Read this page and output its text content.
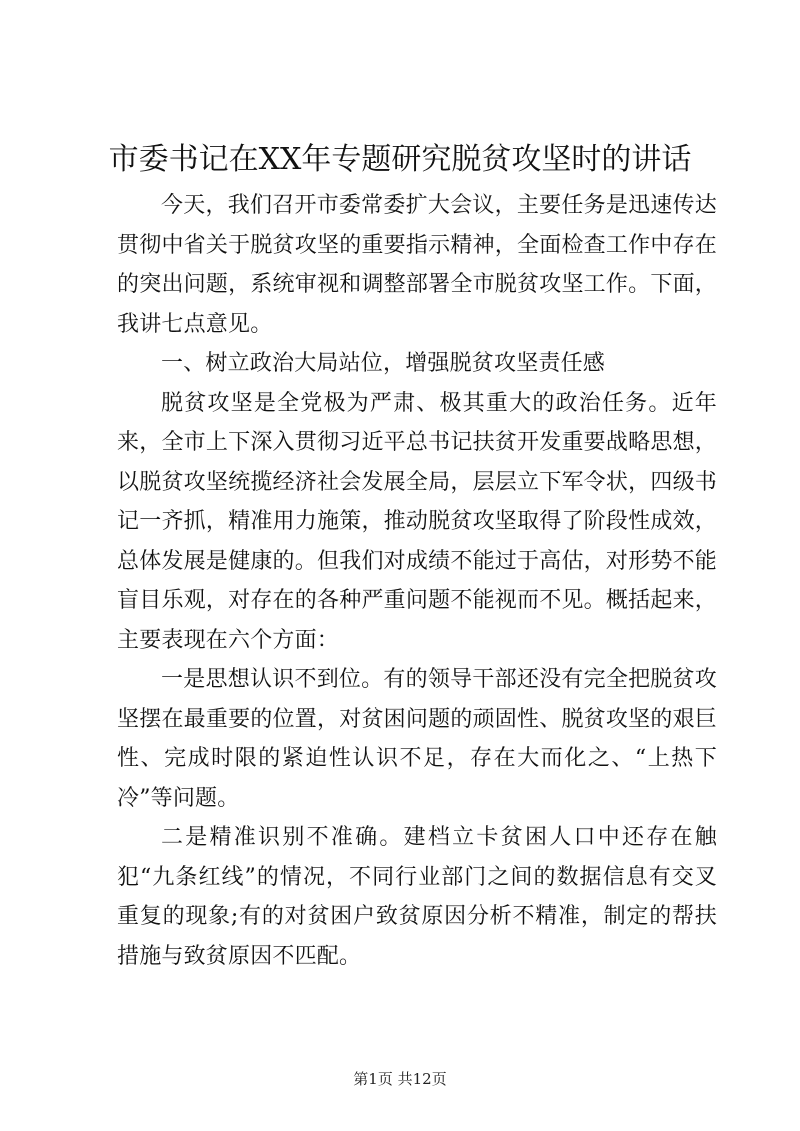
市委书记在XX年专题研究脱贫攻坚时的讲话

今天，我们召开市委常委扩大会议，主要任务是迅速传达贯彻中省关于脱贫攻坚的重要指示精神，全面检查工作中存在的突出问题，系统审视和调整部署全市脱贫攻坚工作。下面，我讲七点意见。

一、树立政治大局站位，增强脱贫攻坚责任感

脱贫攻坚是全党极为严肃、极其重大的政治任务。近年来，全市上下深入贯彻习近平总书记扶贫开发重要战略思想，以脱贫攻坚统揽经济社会发展全局，层层立下军令状，四级书记一齐抓，精准用力施策，推动脱贫攻坚取得了阶段性成效，总体发展是健康的。但我们对成绩不能过于高估，对形势不能盲目乐观，对存在的各种严重问题不能视而不见。概括起来，主要表现在六个方面：

一是思想认识不到位。有的领导干部还没有完全把脱贫攻坚摆在最重要的位置，对贫困问题的顽固性、脱贫攻坚的艰巨性、完成时限的紧迫性认识不足，存在大而化之、“上热下冷”等问题。

二是精准识别不准确。建档立卡贫困人口中还存在触犯“九条红线”的情况，不同行业部门之间的数据信息有交叉重复的现象;有的对贫困户致贫原因分析不精准，制定的帮扶措施与致贫原因不匹配。

第1页 共12页
